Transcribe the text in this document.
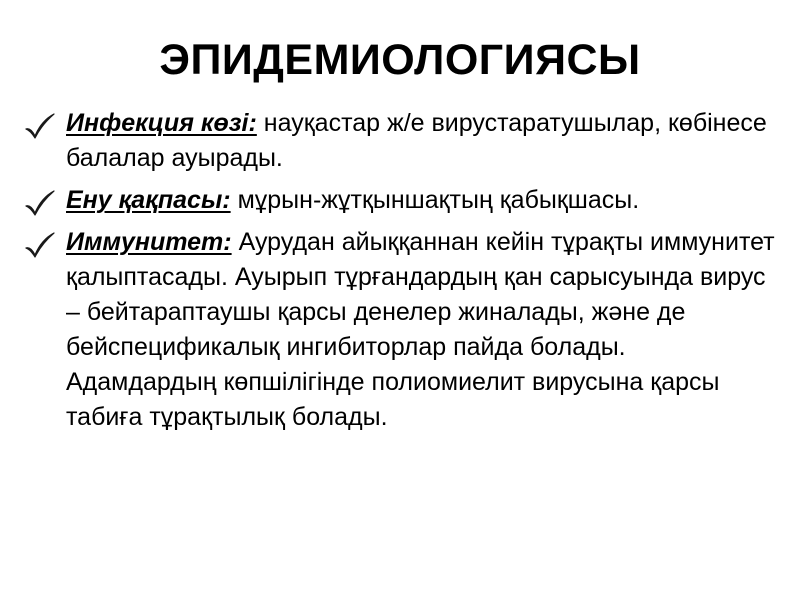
ЭПИДЕМИОЛОГИЯСЫ
Инфекция көзі: науқастар ж/е вирустаратушылар, көбінесе балалар ауырады.
Ену қақпасы: мұрын-жұтқыншақтың қабықшасы.
Иммунитет: Аурудан айыққаннан кейін тұрақты иммунитет қалыптасады. Ауырып тұрғандардың қан сарысуында вирус – бейтараптаушы қарсы денелер жиналады, және де бейспецификалық ингибиторлар пайда болады. Адамдардың көпшілігінде полиомиелит вирусына қарсы табиға тұрақтылық болады.
